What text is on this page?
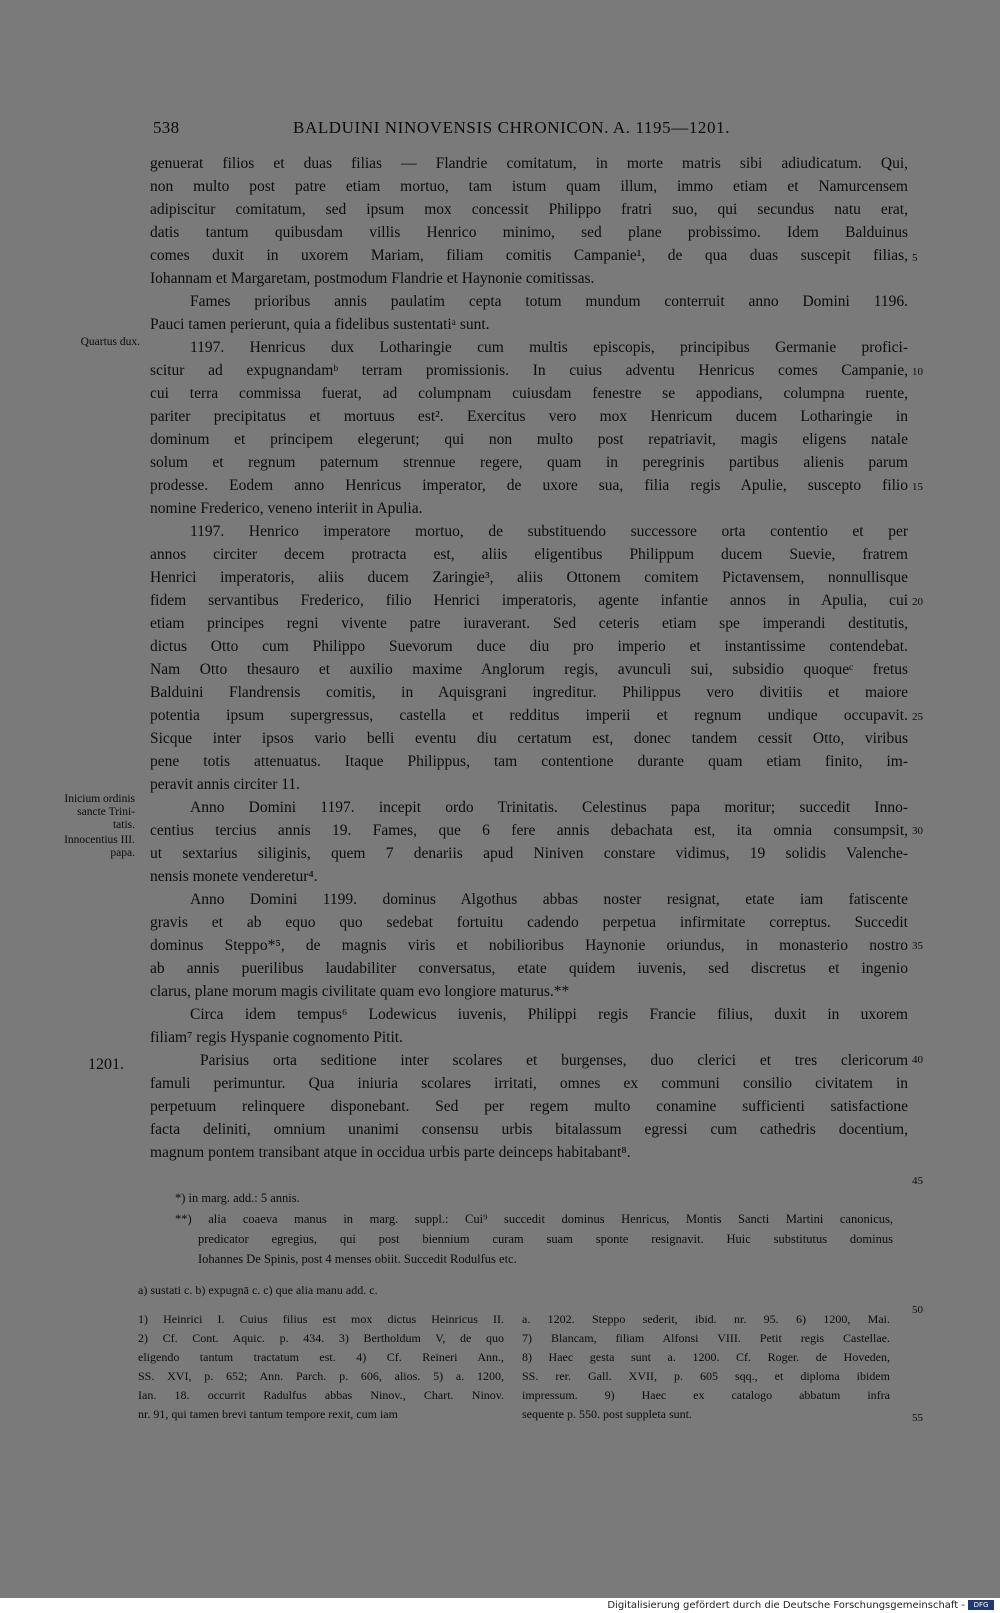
538	BALDUINI NINOVENSIS CHRONICON. A. 1195—1201.
genuerat filios et duas filias — Flandrie comitatum, in morte matris sibi adiudicatum. Qui,
non multo post patre etiam mortuo, tam istum quam illum, immo etiam et Namurcensem
adipiscitur comitatum, sed ipsum mox concessit Philippo fratri suo, qui secundus natu erat,
datis tantum quibusdam villis Henrico minimo, sed plane probissimo. Idem Balduinus
comes duxit in uxorem Mariam, filiam comitis Campanie¹, de qua duas suscepit filias,
Iohannam et Margaretam, postmodum Flandrie et Haynonie comitissas.
Fames prioribus annis paulatim cepta totum mundum conterruit anno Domini 1196.
Pauci tamen perierunt, quia a fidelibus sustentatiᵃ sunt.
1197. Henricus dux Lotharingie cum multis episcopis, principibus Germanie profici-
scitur ad expugnandamᵇ terram promissionis. In cuius adventu Henricus comes Campanie,
cui terra commissa fuerat, ad columpnam cuiusdam fenestre se appodians, columpna ruente,
pariter precipitatus et mortuus est². Exercitus vero mox Henricum ducem Lotharingie in
dominum et principem elegerunt; qui non multo post repatriavit, magis eligens natale
solum et regnum paternum strennue regere, quam in peregrinis partibus alienis parum
prodesse. Eodem anno Henricus imperator, de uxore sua, filia regis Apulie, suscepto filio
nomine Frederico, veneno interiit in Apulia.
1197. Henrico imperatore mortuo, de substituendo successore orta contentio et per
annos circiter decem protracta est, aliis eligentibus Philippum ducem Suevie, fratrem
Henrici imperatoris, aliis ducem Zaringie³, aliis Ottonem comitem Pictavensem, nonnullisque
fidem servantibus Frederico, filio Henrici imperatoris, agente infantie annos in Apulia, cui
etiam principes regni vivente patre iuraverant. Sed ceteris etiam spe imperandi destitutis,
dictus Otto cum Philippo Suevorum duce diu pro imperio et instantissime contendebat.
Nam Otto thesauro et auxilio maxime Anglorum regis, avunculi sui, subsidio quoqueᶜ fretus
Balduini Flandrensis comitis, in Aquisgrani ingreditur. Philippus vero divitiis et maiore
potentia ipsum supergressus, castella et redditus imperii et regnum undique occupavit.
Sicque inter ipsos vario belli eventu diu certatum est, donec tandem cessit Otto, viribus
pene totis attenuatus. Itaque Philippus, tam contentione durante quam etiam finito, im-
peravit annis circiter 11.
Anno Domini 1197. incepit ordo Trinitatis. Celestinus papa moritur; succedit Inno-
centius tercius annis 19. Fames, que 6 fere annis debachata est, ita omnia consumpsit,
ut sextarius siliginis, quem 7 denariis apud Niniven constare vidimus, 19 solidis Valenche-
nensis monete venderetur⁴.
Anno Domini 1199. dominus Algothus abbas noster resignat, etate iam fatiscente
gravis et ab equo quo sedebat fortuitu cadendo perpetua infirmitate correptus. Succedit
dominus Steppo*⁵, de magnis viris et nobilioribus Haynonie oriundus, in monasterio nostro
ab annis puerilibus laudabiliter conversatus, etate quidem iuvenis, sed discretus et ingenio
clarus, plane morum magis civilitate quam evo longiore maturus.**
Circa idem tempus⁶ Lodewicus iuvenis, Philippi regis Francie filius, duxit in uxorem
filiam⁷ regis Hyspanie cognomento Pitit.
Parisius orta seditione inter scolares et burgenses, duo clerici et tres clericorum
famuli perimuntur. Qua iniuria scolares irritati, omnes ex communi consilio civitatem in
perpetuum relinquere disponebant. Sed per regem multo conamine sufficienti satisfactione
facta deliniti, omnium unanimi consensu urbis bitalassum egressi cum cathedris docentium,
magnum pontem transibant atque in occidua urbis parte deinceps habitabant⁸.
5
10
15
20
25
30
35
40
45
50
55
Quartus dux.
Inicium ordinis
sancte Trini-
tatis.
Innocentius III.
papa.
1201.
*) in marg. add.: 5 annis.
**) alia coaeva manus in marg. suppl.: Cui⁹ succedit dominus Henricus, Montis Sancti Martini canonicus,
predicator egregius, qui post biennium curam suam sponte resignavit. Huic substitutus dominus
Iohannes De Spinis, post 4 menses obiit. Succedit Rodulfus etc.
a) sustati c. b) expugnā c. c) que alia manu add. c.
1) Heinrici I. Cuius filius est mox dictus Heinricus II.
2) Cf. Cont. Aquic. p. 434. 3) Bertholdum V, de quo
eligendo tantum tractatum est. 4) Cf. Reineri Ann.,
SS. XVI, p. 652; Ann. Parch. p. 606, alios. 5) a. 1200,
Ian. 18. occurrit Radulfus abbas Ninov., Chart. Ninov.
nr. 91, qui tamen brevi tantum tempore rexit, cum iam
a. 1202. Steppo sederit, ibid. nr. 95. 6) 1200, Mai.
7) Blancam, filiam Alfonsi VIII. Petit regis Castellae.
8) Haec gesta sunt a. 1200. Cf. Roger. de Hoveden,
SS. rer. Gall. XVII, p. 605 sqq., et diploma ibidem
impressum. 9) Haec ex catalogo abbatum infra
sequente p. 550. post suppleta sunt.
Digitalisierung gefördert durch die Deutsche Forschungsgemeinschaft - DFG
